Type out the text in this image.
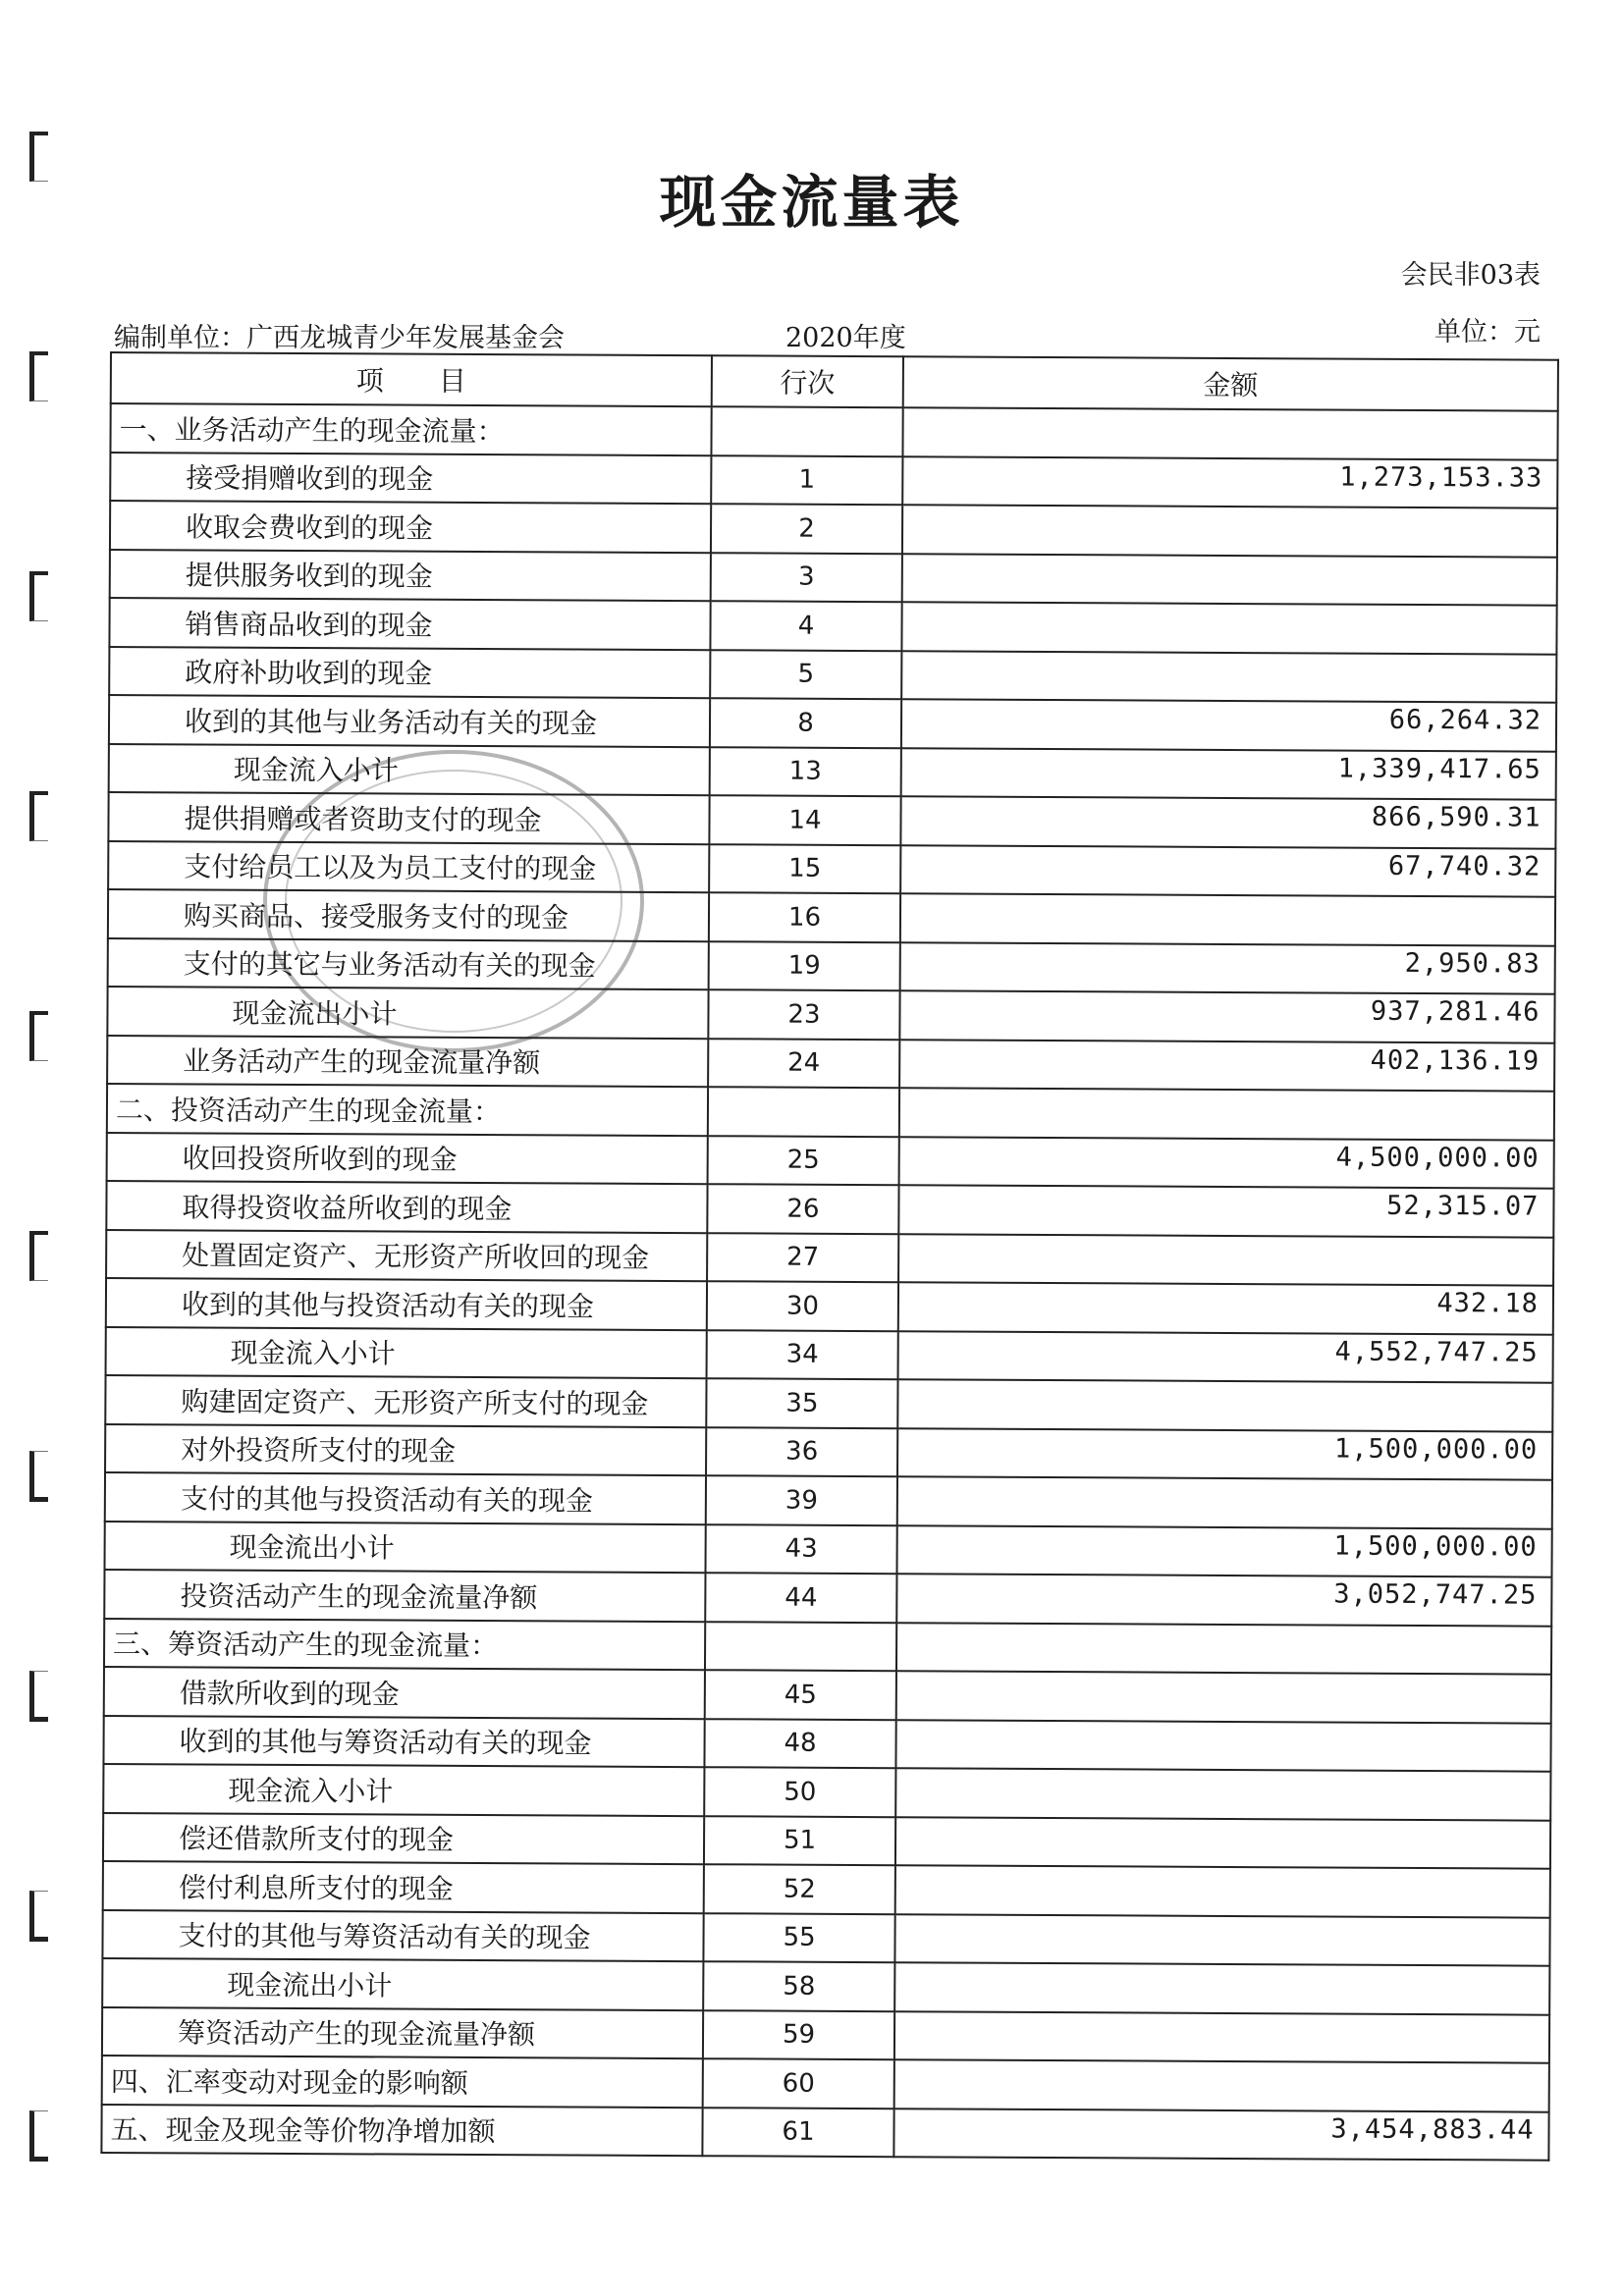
现金流量表
会民非03表
编制单位：广西龙城青少年发展基金会	2020年度	单位：元
项　　目	行次	金额
一、业务活动产生的现金流量：		
接受捐赠收到的现金	1	1,273,153.33
收取会费收到的现金	2	
提供服务收到的现金	3	
销售商品收到的现金	4	
政府补助收到的现金	5	
收到的其他与业务活动有关的现金	8	66,264.32
现金流入小计	13	1,339,417.65
提供捐赠或者资助支付的现金	14	866,590.31
支付给员工以及为员工支付的现金	15	67,740.32
购买商品、接受服务支付的现金	16	
支付的其它与业务活动有关的现金	19	2,950.83
现金流出小计	23	937,281.46
业务活动产生的现金流量净额	24	402,136.19
二、投资活动产生的现金流量：		
收回投资所收到的现金	25	4,500,000.00
取得投资收益所收到的现金	26	52,315.07
处置固定资产、无形资产所收回的现金	27	
收到的其他与投资活动有关的现金	30	432.18
现金流入小计	34	4,552,747.25
购建固定资产、无形资产所支付的现金	35	
对外投资所支付的现金	36	1,500,000.00
支付的其他与投资活动有关的现金	39	
现金流出小计	43	1,500,000.00
投资活动产生的现金流量净额	44	3,052,747.25
三、筹资活动产生的现金流量：		
借款所收到的现金	45	
收到的其他与筹资活动有关的现金	48	
现金流入小计	50	
偿还借款所支付的现金	51	
偿付利息所支付的现金	52	
支付的其他与筹资活动有关的现金	55	
现金流出小计	58	
筹资活动产生的现金流量净额	59	
四、汇率变动对现金的影响额	60	
五、现金及现金等价物净增加额	61	3,454,883.44
